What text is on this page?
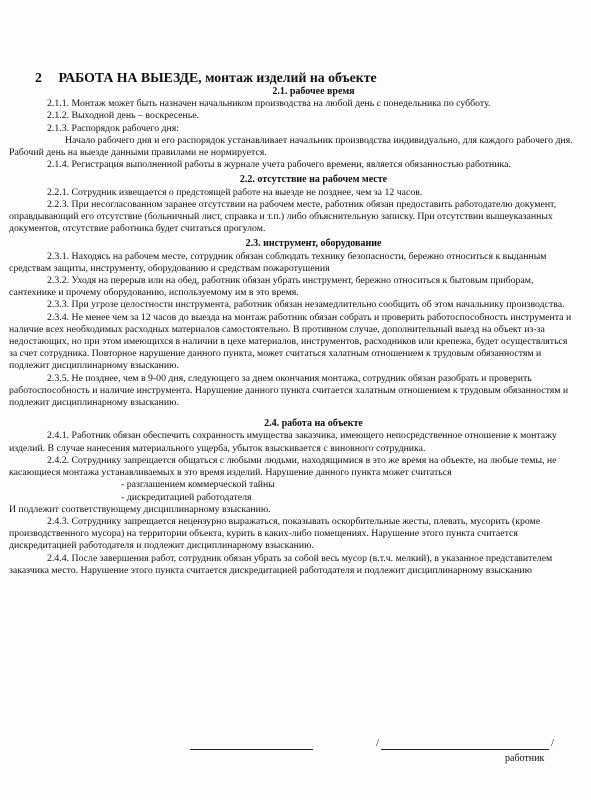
2 РАБОТА НА ВЫЕЗДЕ, монтаж изделий на объекте
2.1. рабочее время

2.1.1. Монтаж может быть назначен начальником производства на любой день с понедельника по субботу.

2.1.2. Выходной день – воскресенье.

2.1.3. Распорядок рабочего дня:

Начало рабочего дня и его распорядок устанавливает начальник производства индивидуально, для каждого рабочего дня. Рабочий день на выезде данными правилами не нормируется.

2.1.4. Регистрация выполненной работы в журнале учета рабочего времени, является обязанностью работника.

2.2. отсутствие на рабочем месте

2.2.1. Сотрудник извещается о предстоящей работе на выезде не позднее, чем за 12 часов.

2.2.3. При несогласованном заранее отсутствии на рабочем месте, работник обязан предоставить работодателю документ, оправдывающий его отсутствие (больничный лист, справка и т.п.) либо объяснительную записку. При отсутствии вышеуказанных документов, отсутствие работника будет считаться прогулом.

2.3. инструмент, оборудование

2.3.1. Находясь на рабочем месте, сотрудник обязан соблюдать технику безопасности, бережно относиться к выданным средствам защиты, инструменту, оборудованию и средствам пожаротушения

2.3.2. Уходя на перерыв или на обед, работник обязан убрать инструмент, бережно относиться к бытовым приборам, сантехнике и прочему оборудованию, используемому им в это время.

2.3.3. При угрозе целостности инструмента, работник обязан незамедлительно сообщить об этом начальнику производства.

2.3.4. Не менее чем за 12 часов до выезда на монтаж работник обязан собрать и проверить работоспособность инструмента и наличие всех необходимых расходных материалов самостоятельно. В противном случае, дополнительный выезд на объект из-за недостающих, но при этом имеющихся в наличии в цехе материалов, инструментов, расходников или крепежа, будет осуществляться за счет сотрудника. Повторное нарушение данного пункта, может считаться халатным отношением к трудовым обязанностям и подлежит дисциплинарному взысканию.

2.3.5. Не позднее, чем в 9-00 дня, следующего за днем окончания монтажа, сотрудник обязан разобрать и проверить работоспособность и наличие инструмента. Нарушение данного пункта считается халатным отношением к трудовым обязанностям и подлежит дисциплинарному взысканию.

2.4. работа на объекте

2.4.1. Работник обязан обеспечить сохранность имущества заказчика, имеющего непосредственное отношение к монтажу изделий. В случае нанесения материального ущерба, убыток взыскивается с виновного сотрудника.

2.4.2. Сотруднику запрещается общаться с любыми людьми, находящимися в это же время на объекте, на любые темы, не касающиеся монтажа устанавливаемых в это время изделий. Нарушение данного пункта может считаться

- разглашением коммерческой тайны

- дискредитацией работодателя

И подлежит соответствующему дисциплинарному взысканию.

2.4.3. Сотруднику запрещается нецензурно выражаться, показывать оскорбительные жесты, плевать, мусорить (кроме производственного мусора) на территории объекта, курить в каких-либо помещениях. Нарушение этого пункта считается дискредитацией работодателя и подлежит дисциплинарному взысканию.

2.4.4. После завершения работ, сотрудник обязан убрать за собой весь мусор (в.т.ч. мелкий), в указанное представителем заказчика место. Нарушение этого пункта считается дискредитацией работодателя и подлежит дисциплинарному взысканию

/	/
работник
